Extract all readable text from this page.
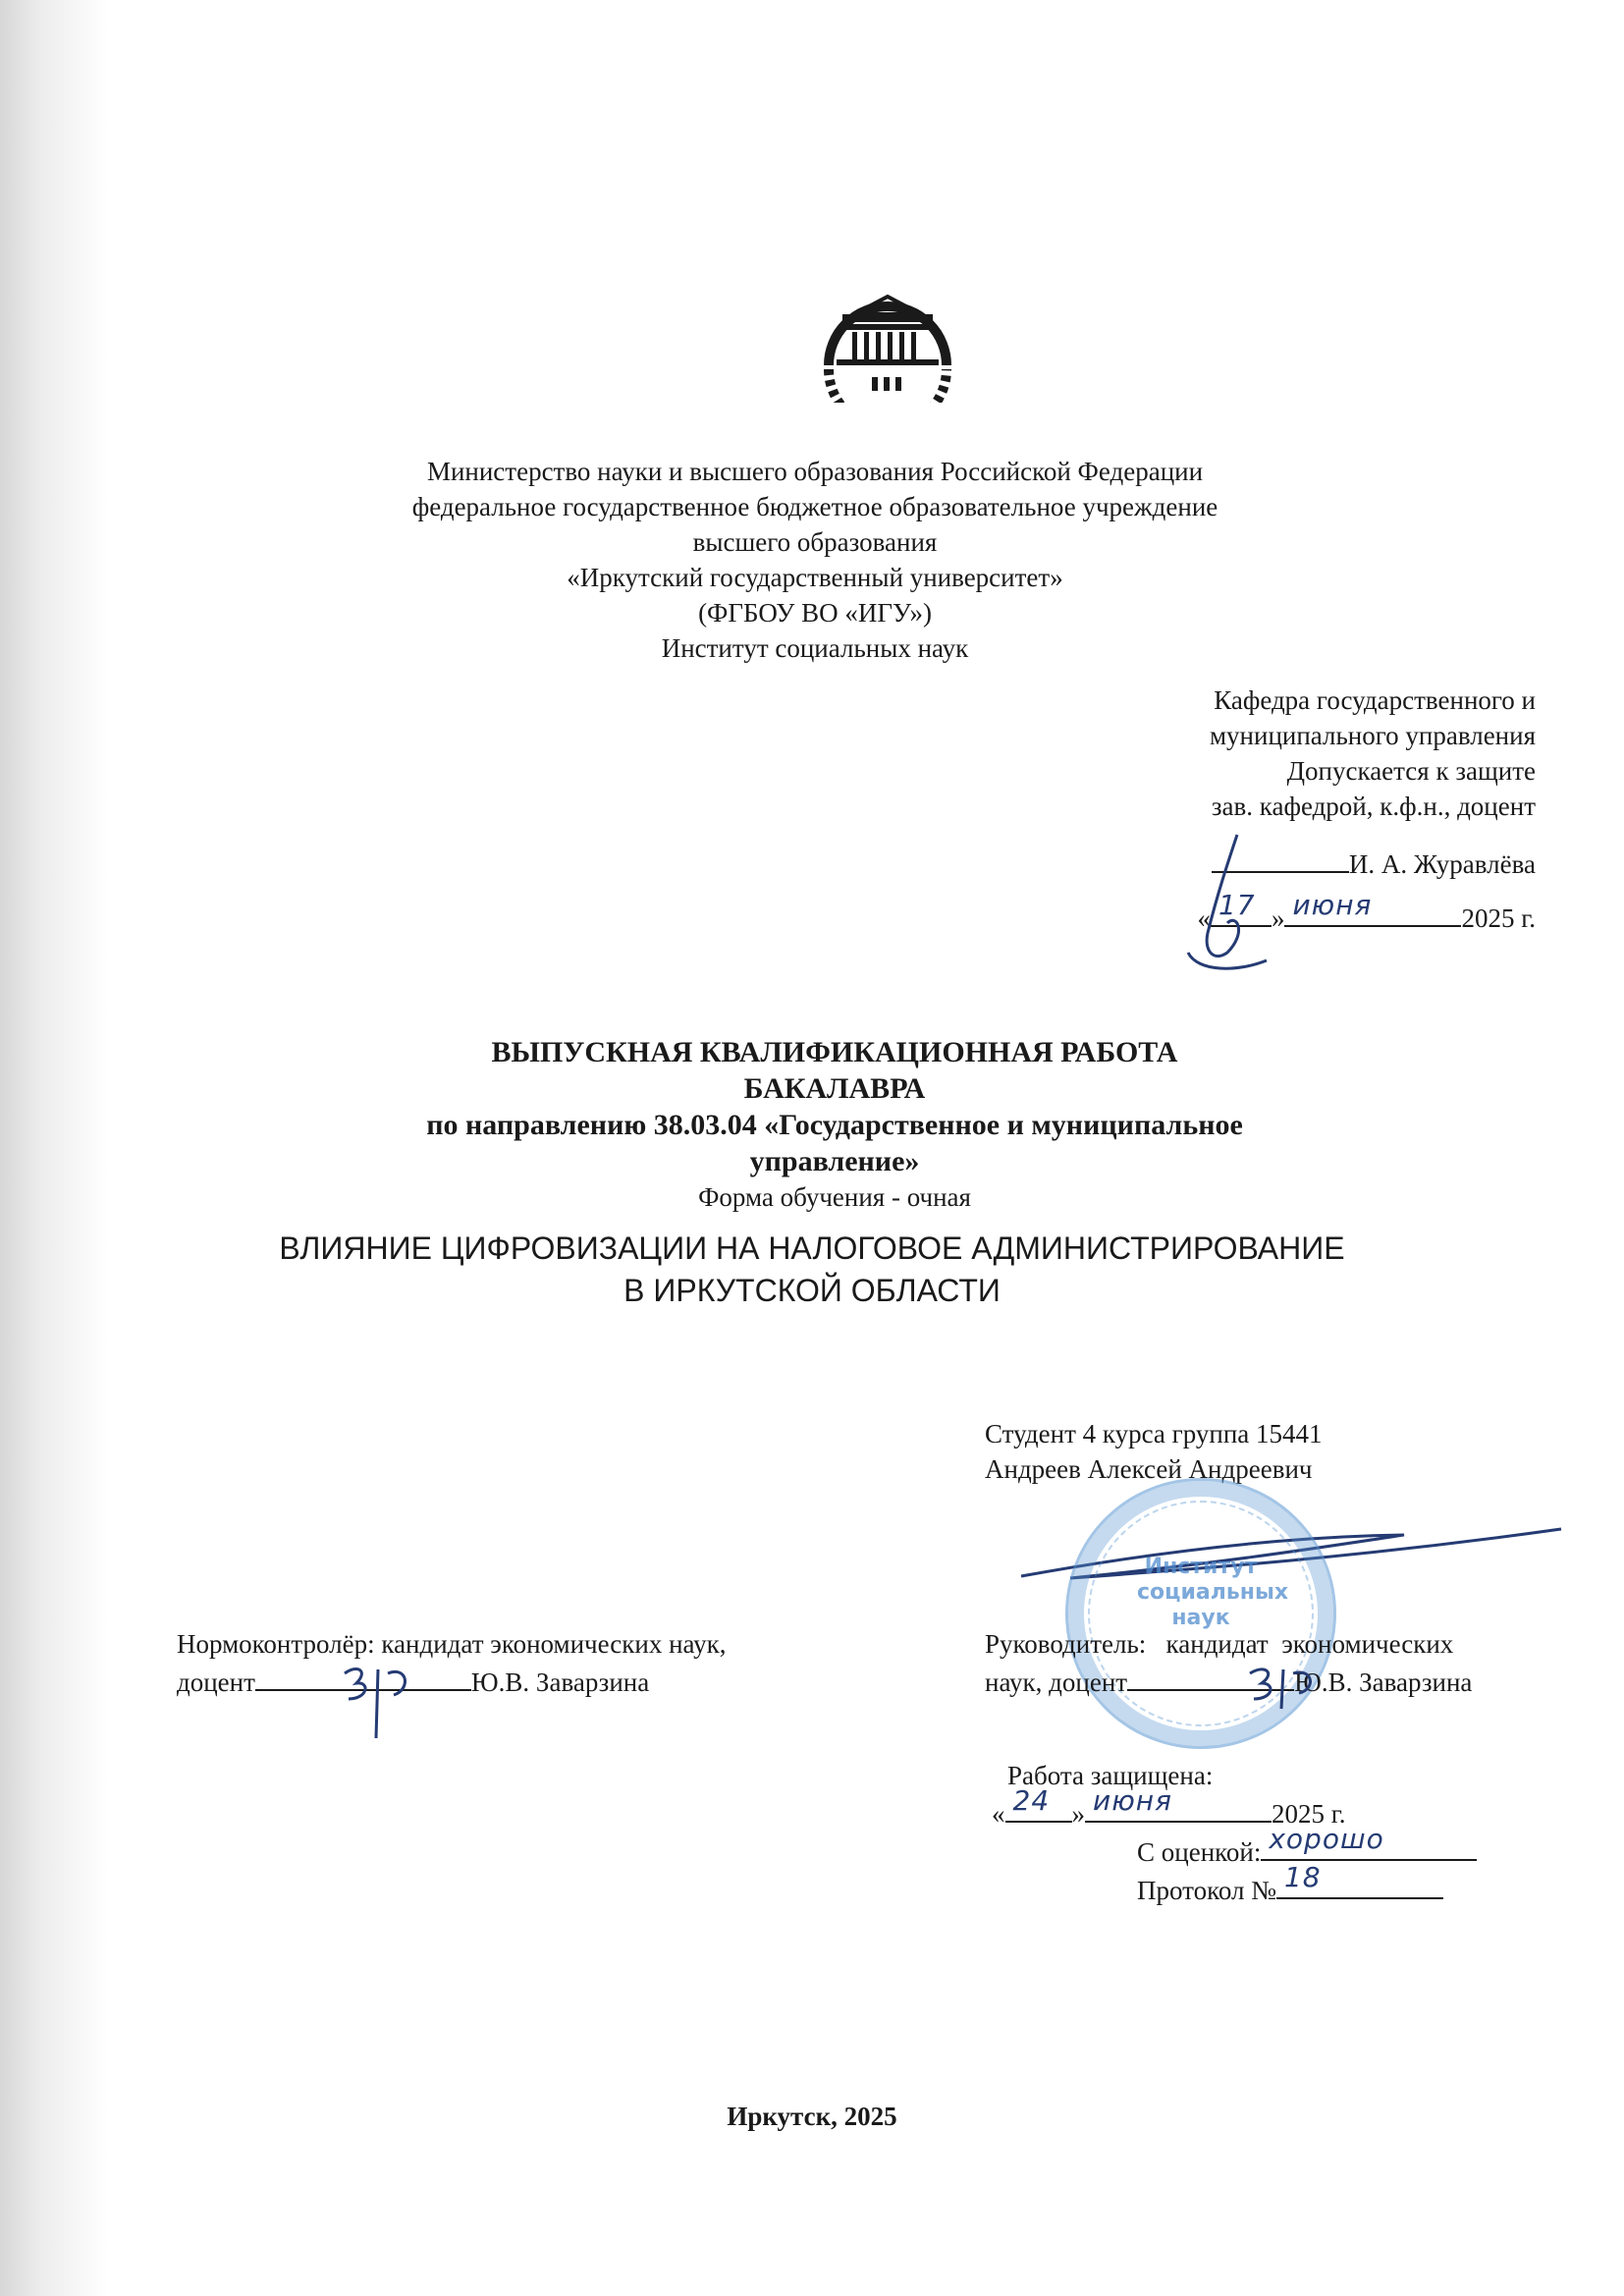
Министерство науки и высшего образования Российской Федерации
федеральное государственное бюджетное образовательное учреждение
высшего образования
«Иркутский государственный университет»
(ФГБОУ ВО «ИГУ»)
Институт социальных наук
Кафедра государственного и
муниципального управления
Допускается к защите
зав. кафедрой, к.ф.н., доцент
И. А. Журавлёва
« 17 » июня	2025 г.
ВЫПУСКНАЯ КВАЛИФИКАЦИОННАЯ РАБОТА
БАКАЛАВРА
по направлению 38.03.04 «Государственное и муниципальное
управление»
Форма обучения - очная
ВЛИЯНИЕ ЦИФРОВИЗАЦИИ НА НАЛОГОВОЕ АДМИНИСТРИРОВАНИЕ
В ИРКУТСКОЙ ОБЛАСТИ
Студент 4 курса группа 15441
Андреев Алексей Андреевич
Институт
социальных
наук
Нормоконтролёр: кандидат экономических наук,
доцент	Ю.В. Заварзина
Руководитель:   кандидат  экономических
наук, доцент	Ю.В. Заварзина
Работа защищена:
« 24 » июня	2025 г.
С оценкой: хорошо
Протокол № 18
Иркутск, 2025
